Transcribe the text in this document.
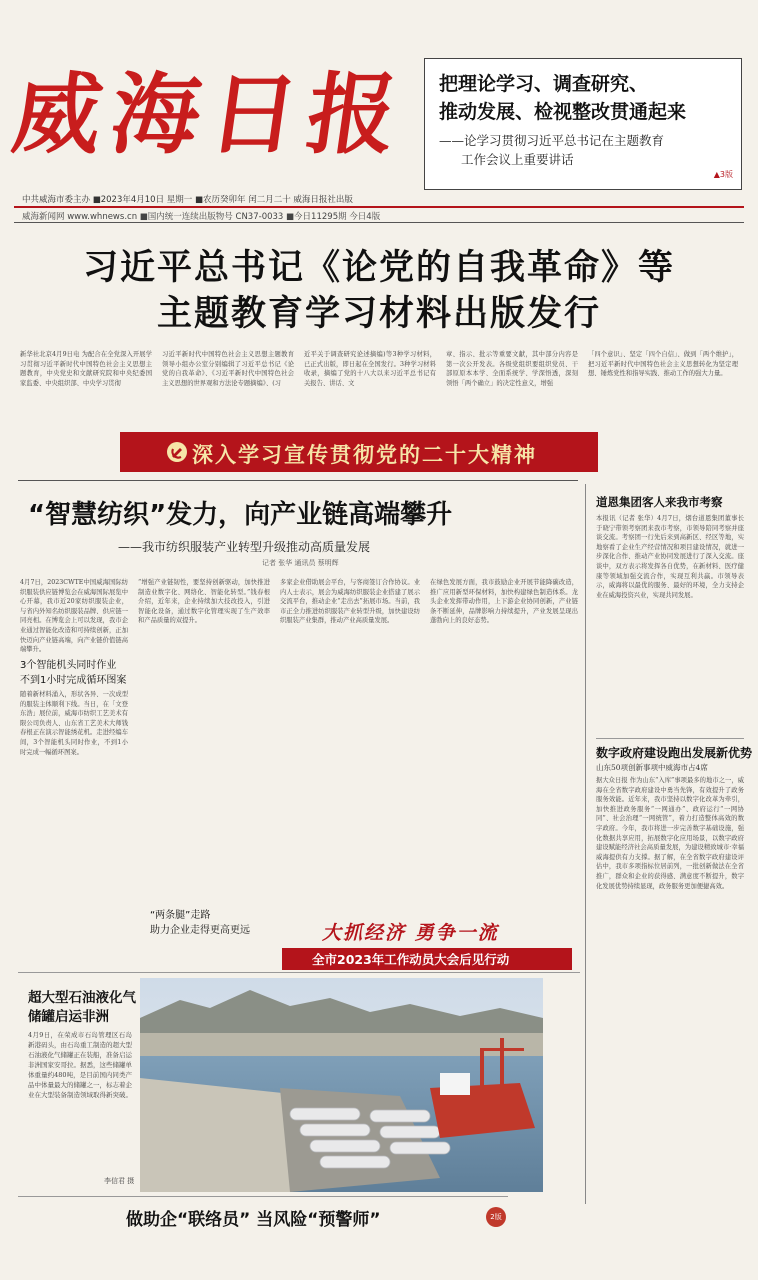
威
海
日
报 把理论学习、调查研究、
推动发展、检视整改贯通起来
——论学习贯彻习近平总书记在主题教育
工作会议上重要讲话
▲3版
中共威海市委主办 ■2023年4月10日 星期一 ■农历癸卯年 闰二月二十 威海日报社出版
威海新闻网 www.whnews.cn ■国内统一连续出版物号 CN37-0033 ■今日11295期 今日4版
习近平总书记《论党的自我革命》等
主题教育学习材料出版发行
新华社北京4月9日电 为配合在全党深入开展学习贯彻习近平新时代中国特色社会主义思想主题教育，中央党史和文献研究院和中央纪委国家监委、中央组织部、中央学习贯彻
习近平新时代中国特色社会主义思想主题教育领导小组办公室分别编辑了习近平总书记《论党的自我革命》、《习近平新时代中国特色社会主义思想的世界观和方法论专题摘编》、(习
近平关于调查研究论述摘编)等3种学习材料，已正式出版，即日起在全国发行。3种学习材料收录，摘编了党的十八大以来习近平总书记有关报告、讲话、文
章、指示、批示等重要文献，其中部分内容是第一次公开发表。各级党组织要组织党员、干部原原本本学、全面系统学、学深悟透，深刻领悟「两个确立」的决定性意义，增强
「四个意识」、坚定「四个自信」、做到「两个维护」，把习近平新时代中国特色社会主义思想转化为坚定理想、锤炼党性和指导实践、推动工作的强大力量。
深入学习宣传贯彻党的二十大精神
“智慧纺织”发力，向产业链高端攀升
——我市纺织服装产业转型升级推动高质量发展
记者 张华 通讯员 蔡明辉
4月7日，2023CWTE中国威海国际纺织服装供应链博览会在威海国际展览中心开幕，我市近20家纺织服装企业，与省内外知名纺织服装品牌、供应链一同亮相。在博览会上可以发现，我市企业通过智能化改造和可持续创新，正加快迈向产业链高端，向产业链价值链高端攀升。
3个智能机头同时作业
不到1小时完成循环图案
随着新材料涌入，形状各异、一次成型的服装主体顺利下线。当日，在「文登东浩」展位前，威海市纺织工艺美术有限公司负责人、山东省工艺美术大师钱春根正在演示智能绣花机。走进经编车间，3个智能机头同时作业，不到1小时完成一幅循环图案。
“增强产业链韧性，要坚持创新驱动，加快推进制造业数字化、网络化、智能化转型。”钱春根介绍，近年来，企业持续加大技改投入，引进智能化设备，通过数字化管理实现了生产效率和产品质量的双提升。
“两条腿”走路
助力企业走得更高更远
多家企业借助展会平台，与客商签订合作协议。业内人士表示，展会为威海纺织服装企业搭建了展示交流平台，推动企业“走出去”拓展市场。当前，我市正全力推进纺织服装产业转型升级，加快建设纺织服装产业集群，推动产业高质量发展。
在绿色发展方面，我市鼓励企业开展节能降碳改造，推广应用新型环保材料，加快构建绿色制造体系。龙头企业发挥带动作用，上下游企业协同创新，产业链条不断延伸，品牌影响力持续提升，产业发展呈现出蓬勃向上的良好态势。
大抓经济 勇争一流
全市2023年工作动员大会后见行动
道恩集团客人来我市考察
本报讯（记者 张华）4月7日，烟台道恩集团董事长于晓宁带领考察团来我市考察，市领导陪同考察并座谈交流。考察团一行先后来到高新区、经区等地，实地察看了企业生产经营情况和项目建设情况，就进一步深化合作、推动产业协同发展进行了深入交流。座谈中，双方表示将发挥各自优势，在新材料、医疗健康等领域加强交流合作，实现互利共赢。市领导表示，威海将以最优的服务、最好的环境，全力支持企业在威海投资兴业，实现共同发展。
数字政府建设跑出发展新优势
山东50项创新事项中威海市占4席
据大众日报 作为山东“入库”事项最多的地市之一，威海在全省数字政府建设中勇当先锋，有效提升了政务服务效能。近年来，我市坚持以数字化改革为牵引，加快推进政务服务“一网通办”、政府运行“一网协同”、社会治理“一网统管”，着力打造整体高效的数字政府。今年，我市将进一步完善数字基础设施，强化数据共享应用，拓展数字化应用场景，以数字政府建设赋能经济社会高质量发展，为建设精致城市·幸福威海提供有力支撑。据了解，在全省数字政府建设评估中，我市多项指标位居前列，一批创新做法在全省推广，群众和企业的获得感、满意度不断提升，数字化发展优势持续显现，政务服务更加便捷高效。
超大型石油液化气
储罐启运非洲
4月9日，在荣成市石岛管理区石岛新港码头，由石岛重工制造的超大型石油液化气储罐正在装船，准备启运非洲国家安哥拉。据悉，这些储罐单体重量约480吨，是目前国内同类产品中体量最大的储罐之一，标志着企业在大型装备制造领域取得新突破。
李信君 摄
做助企“联络员” 当风险“预警师”	2版
